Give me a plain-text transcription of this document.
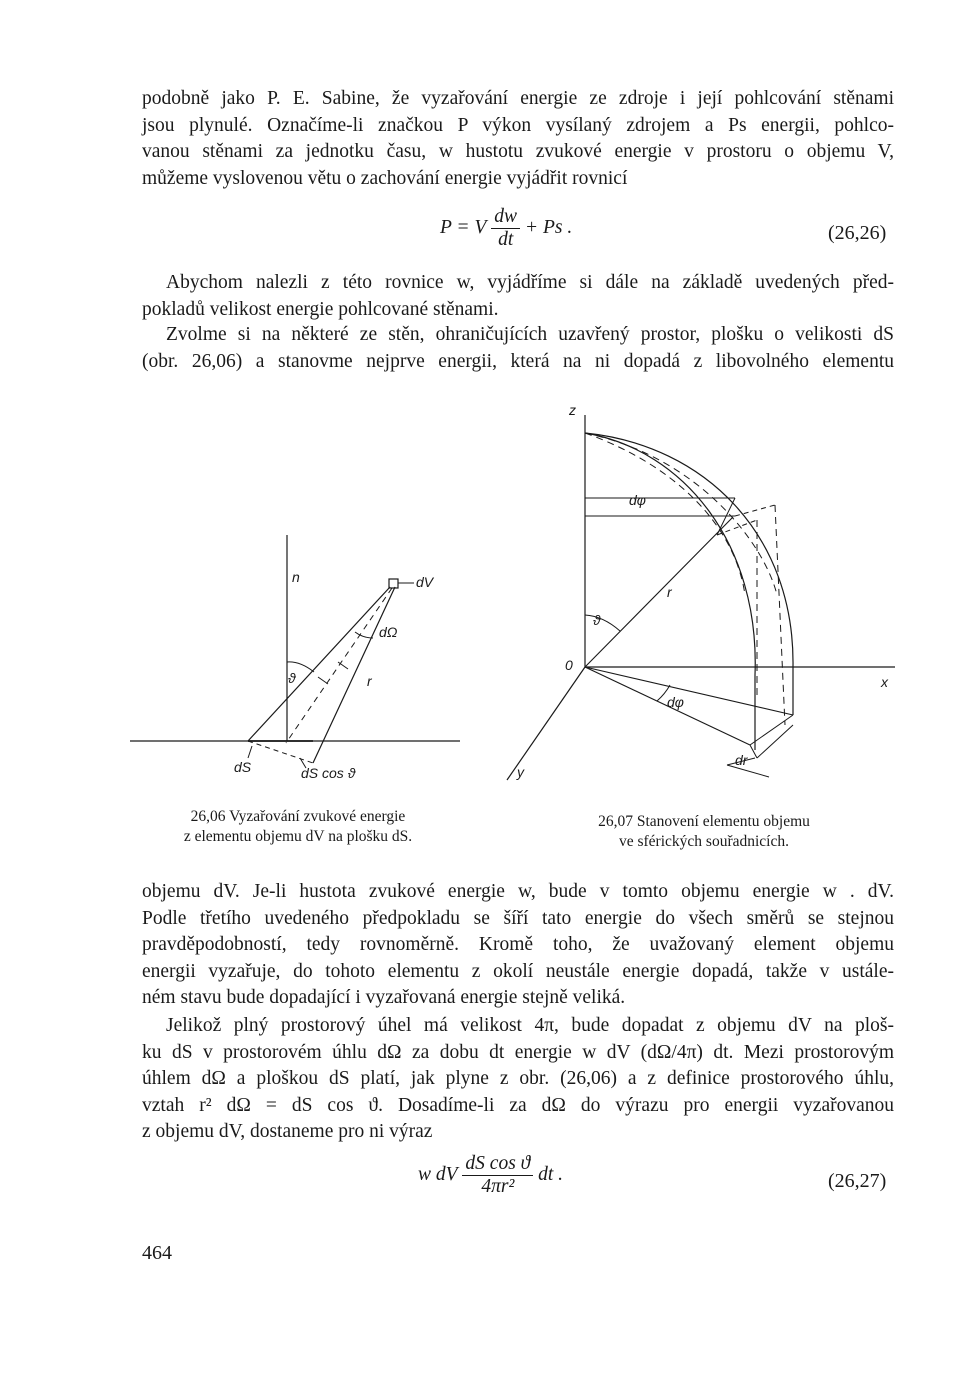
podobně jako P. E. Sabine, že vyzařování energie ze zdroje i její pohlcování stěnami
jsou plynulé. Označíme-li značkou P výkon vysílaný zdrojem a Ps energii, pohlco-
vanou stěnami za jednotku času, w hustotu zvukové energie v prostoru o objemu V,
můžeme vyslovenou větu o zachování energie vyjádřit rovnicí
P = V $\frac{dw}{dt} + Ps$ .	(26,26)
Abychom nalezli z této rovnice w, vyjádříme si dále na základě uvedených před-
pokladů velikost energie pohlcované stěnami.
Zvolme si na některé ze stěn, ohraničujících uzavřený prostor, plošku o velikosti dS
(obr. 26,06) a stanovme nejprve energii, která na ni dopadá z libovolného elementu
n	dV
dΩ
ϑ	r
dS	dS cos ϑ
26,06 Vyzařování zvukové energie
z elementu objemu dV na plošku dS.
z
x
y
0
dφ
dφ
r
ϑ
dr
26,07 Stanovení elementu objemu
ve sférických souřadnicích.
objemu dV. Je-li hustota zvukové energie w, bude v tomto objemu energie w . dV.
Podle třetího uvedeného předpokladu se šíří tato energie do všech směrů se stejnou
pravděpodobností, tedy rovnoměrně. Kromě toho, že uvažovaný element objemu
energii vyzařuje, do tohoto elementu z okolí neustále energie dopadá, takže v ustále-
ném stavu bude dopadající i vyzařovaná energie stejně veliká.
Jelikož plný prostorový úhel má velikost 4π, bude dopadat z objemu dV na ploš-
ku dS v prostorovém úhlu dΩ za dobu dt energie w dV (dΩ/4π) dt. Mezi prostorovým
úhlem dΩ a ploškou dS platí, jak plyne z obr. (26,06) a z definice prostorového úhlu,
vztah r² dΩ = dS cos ϑ. Dosadíme-li za dΩ do výrazu pro energii vyzařovanou
z objemu dV, dostaneme pro ni výraz
w dV $\frac{\text{dS cos ϑ}}{\text{4πr²}}$ dt .	(26,27)
464
